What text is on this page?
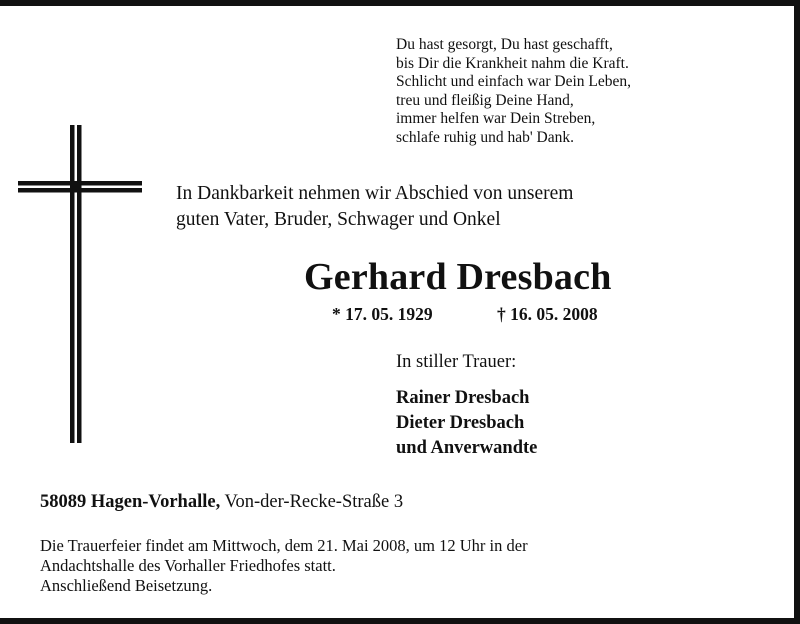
Du hast gesorgt, Du hast geschafft,
bis Dir die Krankheit nahm die Kraft.
Schlicht und einfach war Dein Leben,
treu und fleißig Deine Hand,
immer helfen war Dein Streben,
schlafe ruhig und hab' Dank.
In Dankbarkeit nehmen wir Abschied von unserem
guten Vater, Bruder, Schwager und Onkel
Gerhard Dresbach
* 17. 05. 1929	† 16. 05. 2008
In stiller Trauer:
Rainer Dresbach
Dieter Dresbach
und Anverwandte
58089 Hagen-Vorhalle, Von-der-Recke-Straße 3
Die Trauerfeier findet am Mittwoch, dem 21. Mai 2008, um 12 Uhr in der
Andachtshalle des Vorhaller Friedhofes statt.
Anschließend Beisetzung.
